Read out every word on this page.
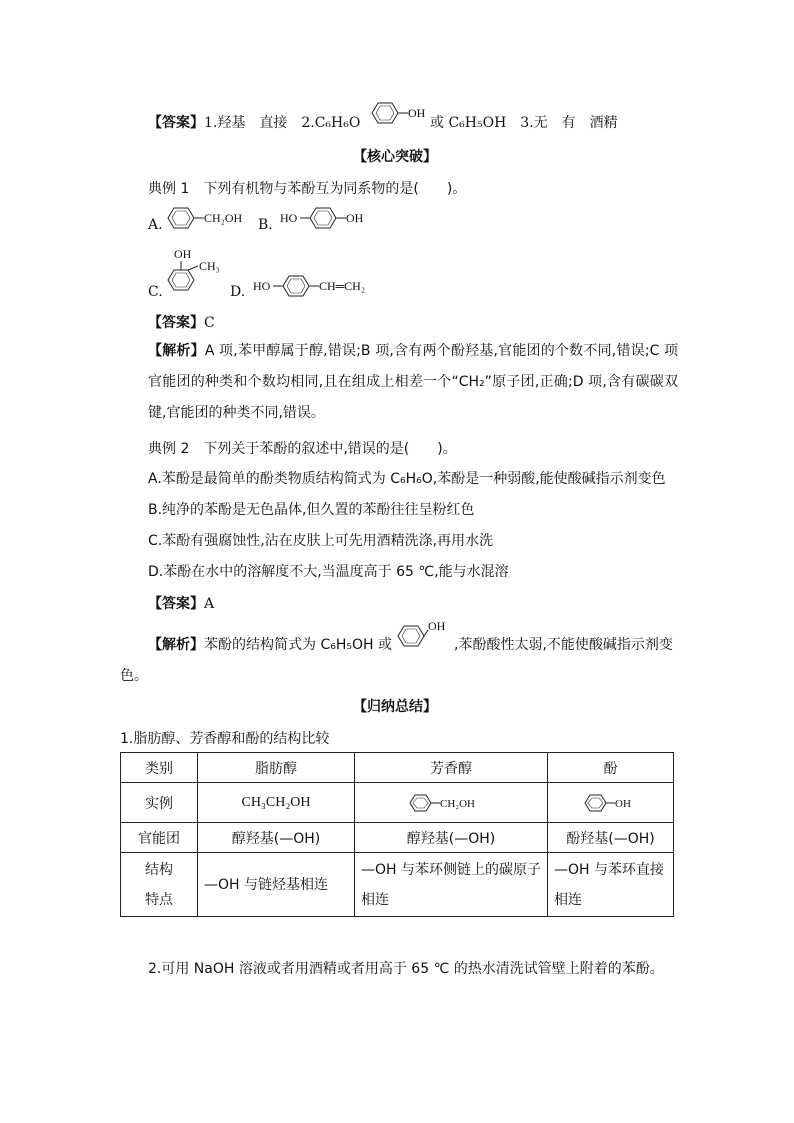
【答案】1.羟基　直接　2.C₆H₆O
OH
或 C₆H₅OH　 3.无　有　酒精
【核心突破】
典例 1　下列有机物与苯酚互为同系物的是(　　)。
A.	CH₂OH B. HO	OH
C.
OH
CH₃
D. HO	CH═CH₂
【答案】C
【解析】A 项,苯甲醇属于醇,错误;B 项,含有两个酚羟基,官能团的个数不同,错误;C 项官能团的种类和个数均相同,且在组成上相差一个“CH₂”原子团,正确;D 项,含有碳碳双键,官能团的种类不同,错误。
典例 2　下列关于苯酚的叙述中,错误的是(　　)。
A.苯酚是最简单的酚类物质结构简式为 C₆H₆O,苯酚是一种弱酸,能使酸碱指示剂变色
B.纯净的苯酚是无色晶体,但久置的苯酚往往呈粉红色
C.苯酚有强腐蚀性,沾在皮肤上可先用酒精洗涤,再用水洗
D.苯酚在水中的溶解度不大,当温度高于 65 ℃,能与水混溶
【答案】A
【解析】苯酚的结构简式为 C₆H₅OH 或
OH
,苯酚酸性太弱,不能使酸碱指示剂变
色。
【归纳总结】
1.脂肪醇、芳香醇和酚的结构比较
类别	脂肪醇	芳香醇	酚
实例	CH₃CH₂OH	CH₂OH	OH

官能团	醇羟基(—OH)	醇羟基(—OH)	酚羟基(—OH)
结构
特点	—OH 与链烃基相连	—OH 与苯环侧链上的碳原子相连	—OH 与苯环直接相连
2.可用 NaOH 溶液或者用酒精或者用高于 65 ℃ 的热水清洗试管壁上附着的苯酚。
